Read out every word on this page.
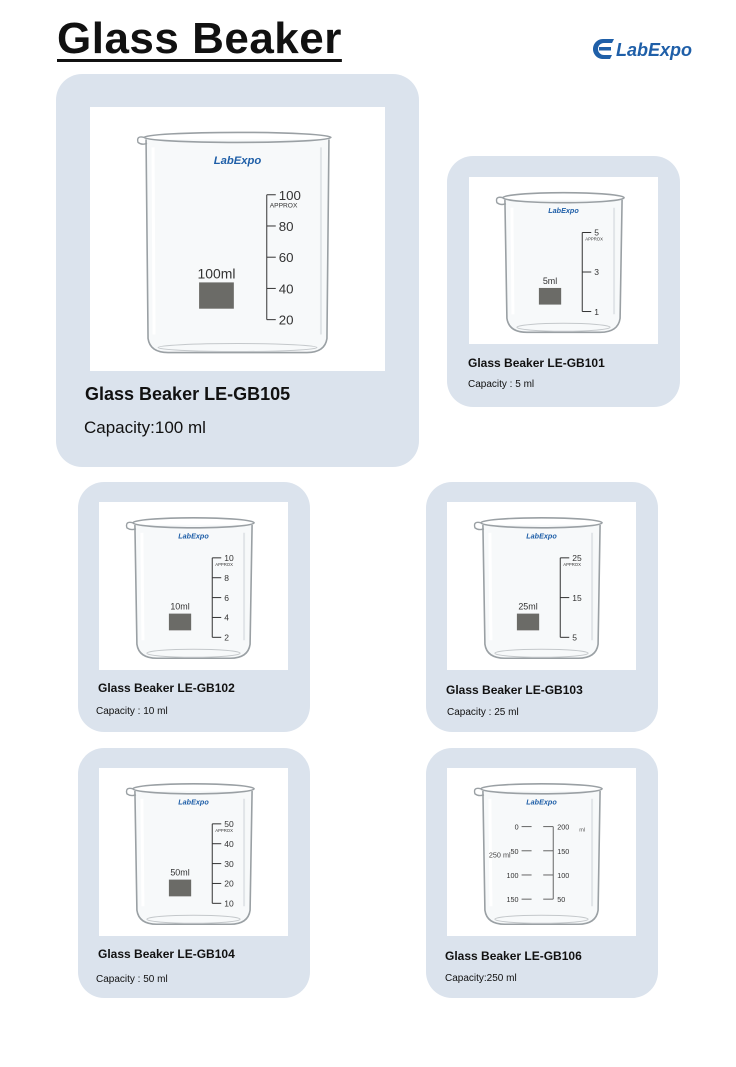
Glass Beaker	LabExpo
LabExpo
APPROX
100
80
60
40
20
100ml

Glass Beaker LE-GB105

Capacity:100 ml

LabExpo
APPROX
5
3
1
5ml

Glass Beaker LE-GB101

Capacity : 5 ml

LabExpo
APPROX
10
8
6
4
2
10ml

Glass Beaker LE-GB102

Capacity : 10 ml

LabExpo
APPROX
25
15
5
25ml

Glass Beaker LE-GB103

Capacity : 25 ml

LabExpo
APPROX
50
40
30
20
10
50ml

Glass Beaker LE-GB104

Capacity : 50 ml

LabExpo
200
150
100
50
0
50
100
150
ml
250 ml

Glass Beaker LE-GB106

Capacity:250 ml
